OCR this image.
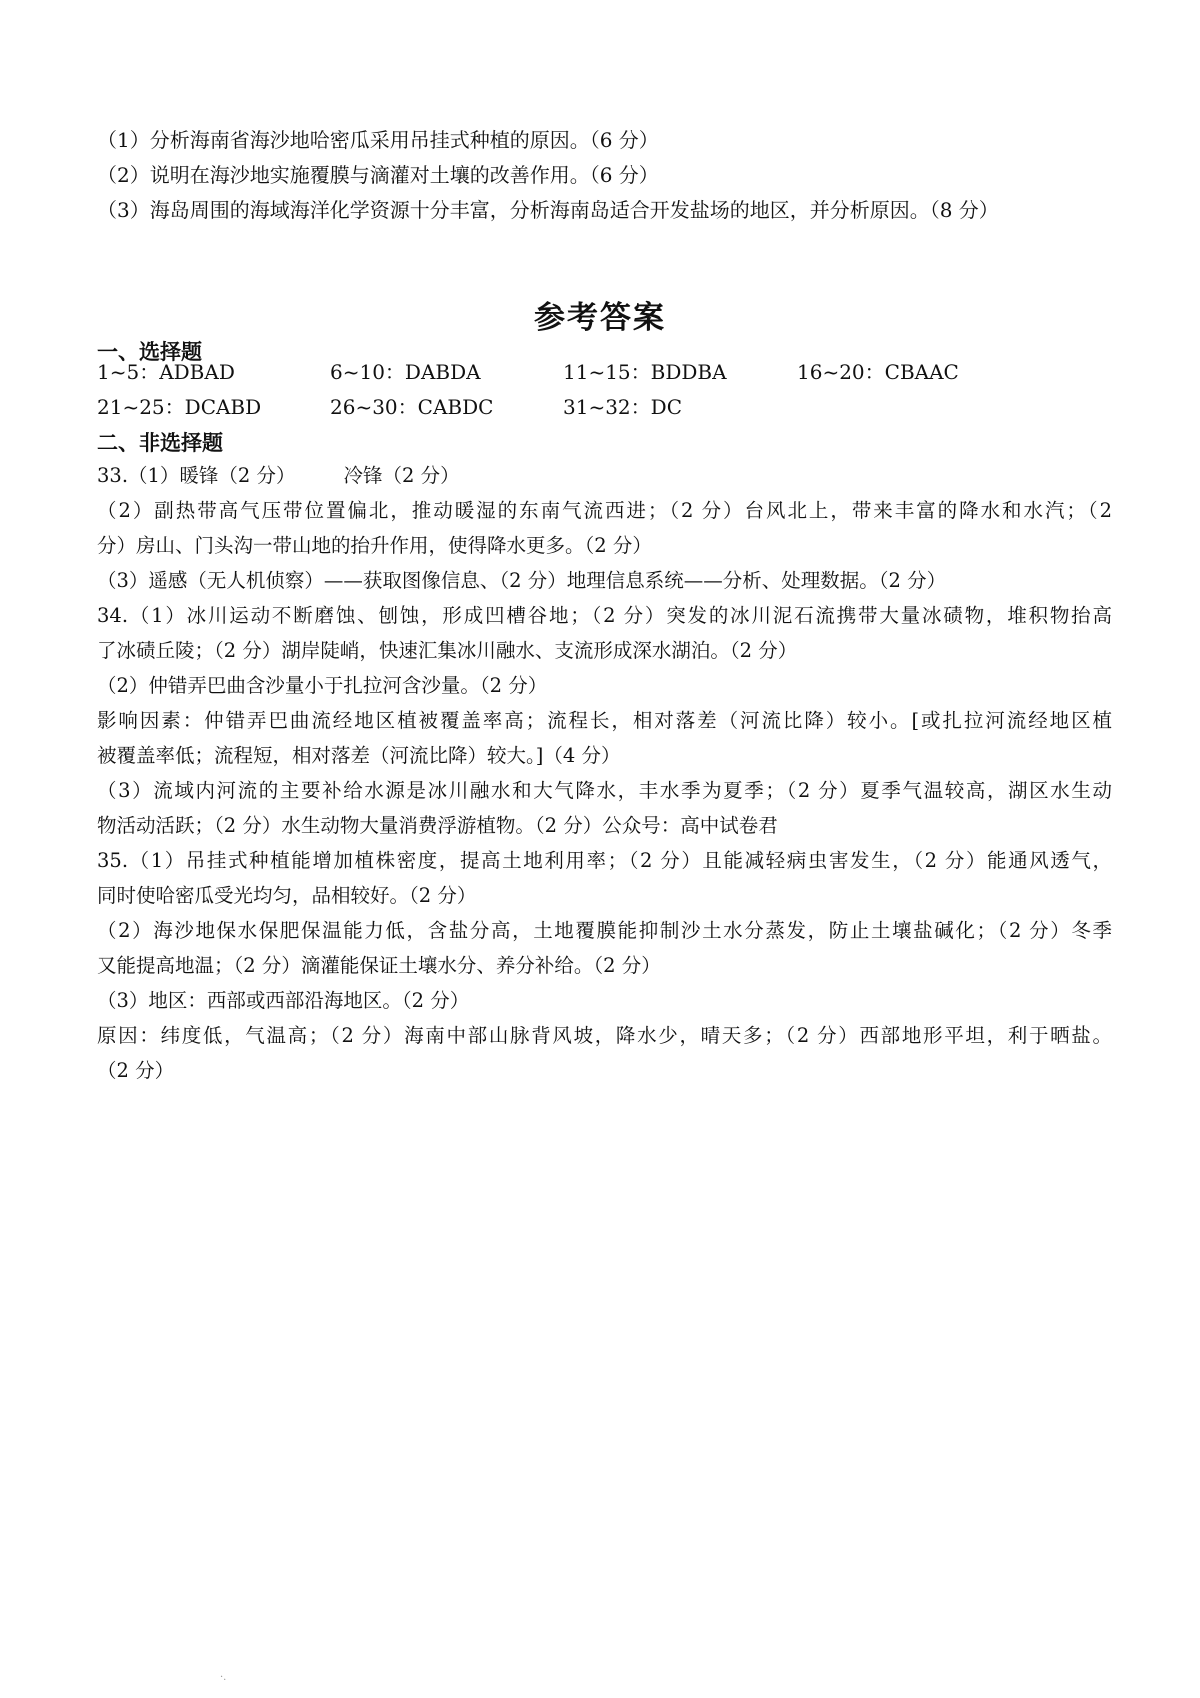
（1）分析海南省海沙地哈密瓜采用吊挂式种植的原因。（6 分）

（2）说明在海沙地实施覆膜与滴灌对土壤的改善作用。（6 分）

（3）海岛周围的海域海洋化学资源十分丰富，分析海南岛适合开发盐场的地区，并分析原因。（8 分）

参考答案
一、选择题
1~5：ADBAD	6~10：DABDA	11~15：BDDBA	16~20：CBAAC
21~25：DCABD	26~30：CABDC	31~32：DC
二、非选择题

33.（1）暖锋（2 分） 冷锋（2 分）

（2）副热带高气压带位置偏北，推动暖湿的东南气流西进；（2 分）台风北上，带来丰富的降水和水汽；（2

分）房山、门头沟一带山地的抬升作用，使得降水更多。（2 分）

（3）遥感（无人机侦察）——获取图像信息、（2 分）地理信息系统——分析、处理数据。（2 分）

34.（1）冰川运动不断磨蚀、刨蚀，形成凹槽谷地；（2 分）突发的冰川泥石流携带大量冰碛物，堆积物抬高

了冰碛丘陵；（2 分）湖岸陡峭，快速汇集冰川融水、支流形成深水湖泊。（2 分）

（2）仲错弄巴曲含沙量小于扎拉河含沙量。（2 分）

影响因素：仲错弄巴曲流经地区植被覆盖率高；流程长，相对落差（河流比降）较小。[或扎拉河流经地区植

被覆盖率低；流程短，相对落差（河流比降）较大。]（4 分）

（3）流域内河流的主要补给水源是冰川融水和大气降水，丰水季为夏季；（2 分）夏季气温较高，湖区水生动

物活动活跃；（2 分）水生动物大量消费浮游植物。（2 分）公众号：高中试卷君

35.（1）吊挂式种植能增加植株密度，提高土地利用率；（2 分）且能减轻病虫害发生，（2 分）能通风透气，

同时使哈密瓜受光均匀，品相较好。（2 分）

（2）海沙地保水保肥保温能力低，含盐分高，土地覆膜能抑制沙土水分蒸发，防止土壤盐碱化；（2 分）冬季

又能提高地温；（2 分）滴灌能保证土壤水分、养分补给。（2 分）

（3）地区：西部或西部沿海地区。（2 分）

原因：纬度低，气温高；（2 分）海南中部山脉背风坡，降水少，晴天多；（2 分）西部地形平坦，利于晒盐。

（2 分）

·.
